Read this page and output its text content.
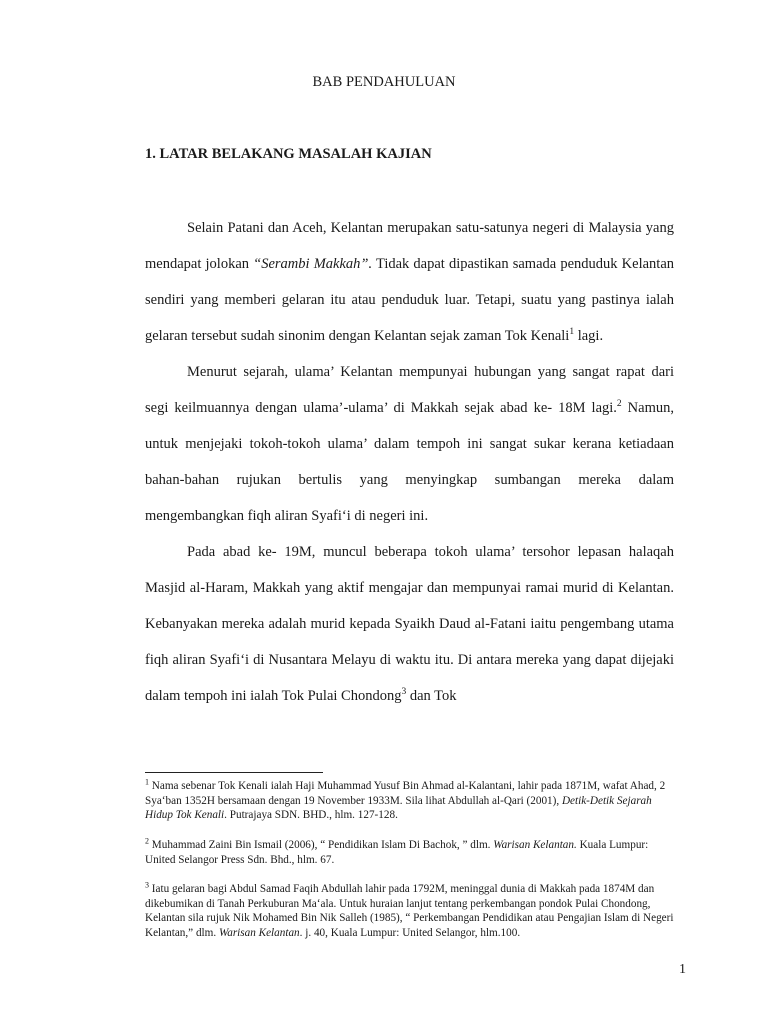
BAB PENDAHULUAN
1. LATAR BELAKANG MASALAH KAJIAN

Selain Patani dan Aceh, Kelantan merupakan satu-satunya negeri di Malaysia yang mendapat jolokan “Serambi Makkah”. Tidak dapat dipastikan samada penduduk Kelantan sendiri yang memberi gelaran itu atau penduduk luar. Tetapi, suatu yang pastinya ialah gelaran tersebut sudah sinonim dengan Kelantan sejak zaman Tok Kenali$^1$ lagi.

Menurut sejarah, ulama’ Kelantan mempunyai hubungan yang sangat rapat dari segi keilmuannya dengan ulama’-ulama’ di Makkah sejak abad ke- 18M lagi.$^2$ Namun, untuk menjejaki tokoh-tokoh ulama’ dalam tempoh ini sangat sukar kerana ketiadaan bahan-bahan rujukan bertulis yang menyingkap sumbangan mereka dalam mengembangkan fiqh aliran Syafi‘i di negeri ini.

Pada abad ke- 19M, muncul beberapa tokoh ulama’ tersohor lepasan halaqah Masjid al-Haram, Makkah yang aktif mengajar dan mempunyai ramai murid di Kelantan. Kebanyakan mereka adalah murid kepada Syaikh Daud al-Fatani iaitu pengembang utama fiqh aliran Syafi‘i di Nusantara Melayu di waktu itu. Di antara mereka yang dapat dijejaki dalam tempoh ini ialah Tok Pulai Chondong$^3$ dan Tok

$^1$ Nama sebenar Tok Kenali ialah Haji Muhammad Yusuf Bin Ahmad al-Kalantani, lahir pada 1871M, wafat Ahad, 2 Sya‘ban 1352H bersamaan dengan 19 November 1933M. Sila lihat Abdullah al-Qari (2001), Detik-Detik Sejarah Hidup Tok Kenali. Putrajaya SDN. BHD., hlm. 127-128.
$^2$ Muhammad Zaini Bin Ismail (2006), “ Pendidikan Islam Di Bachok, ” dlm. Warisan Kelantan. Kuala Lumpur: United Selangor Press Sdn. Bhd., hlm. 67.
$^3$ Iatu gelaran bagi Abdul Samad Faqih Abdullah lahir pada 1792M, meninggal dunia di Makkah pada 1874M dan dikebumikan di Tanah Perkuburan Ma‘ala. Untuk huraian lanjut tentang perkembangan pondok Pulai Chondong, Kelantan sila rujuk Nik Mohamed Bin Nik Salleh (1985), “ Perkembangan Pendidikan atau Pengajian Islam di Negeri Kelantan,” dlm. Warisan Kelantan. j. 40, Kuala Lumpur: United Selangor, hlm.100.
1
